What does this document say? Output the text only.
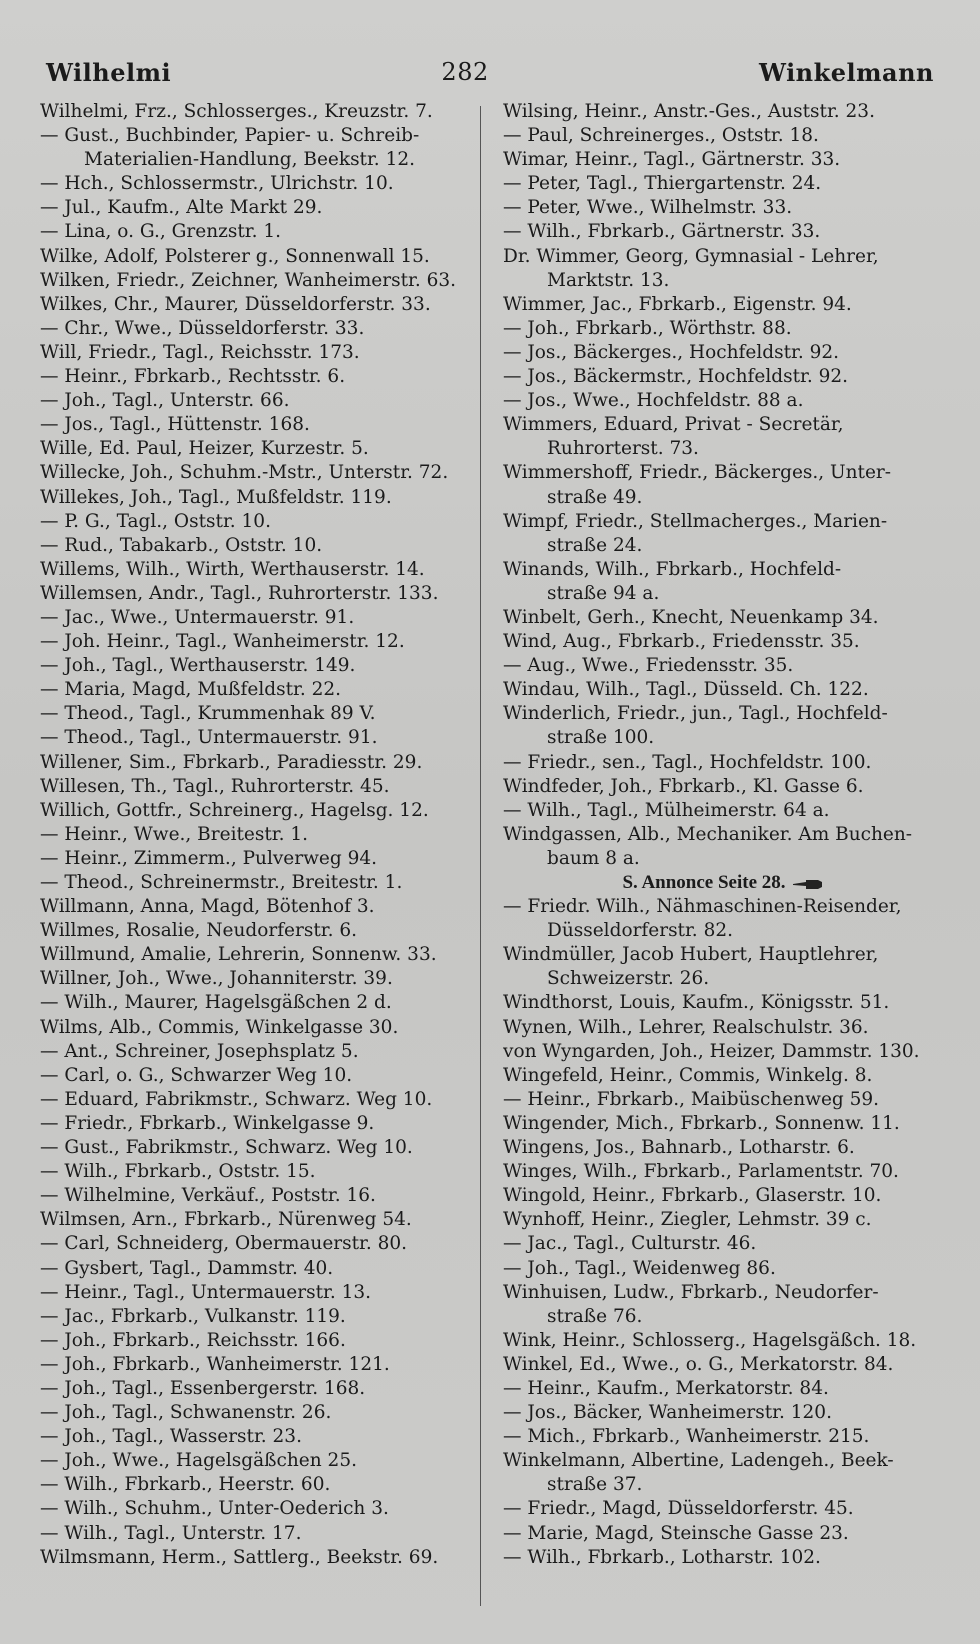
Wilhelmi	282	Winkelmann
Wilhelmi, Frz., Schlosserges., Kreuzstr. 7.
— Gust., Buchbinder, Papier- u. Schreib-
Materialien-Handlung, Beekstr. 12.
— Hch., Schlossermstr., Ulrichstr. 10.
— Jul., Kaufm., Alte Markt 29.
— Lina, o. G., Grenzstr. 1.
Wilke, Adolf, Polsterer g., Sonnenwall 15.
Wilken, Friedr., Zeichner, Wanheimerstr. 63.
Wilkes, Chr., Maurer, Düsseldorferstr. 33.
— Chr., Wwe., Düsseldorferstr. 33.
Will, Friedr., Tagl., Reichsstr. 173.
— Heinr., Fbrkarb., Rechtsstr. 6.
— Joh., Tagl., Unterstr. 66.
— Jos., Tagl., Hüttenstr. 168.
Wille, Ed. Paul, Heizer, Kurzestr. 5.
Willecke, Joh., Schuhm.-Mstr., Unterstr. 72.
Willekes, Joh., Tagl., Mußfeldstr. 119.
— P. G., Tagl., Oststr. 10.
— Rud., Tabakarb., Oststr. 10.
Willems, Wilh., Wirth, Werthauserstr. 14.
Willemsen, Andr., Tagl., Ruhrorterstr. 133.
— Jac., Wwe., Untermauerstr. 91.
— Joh. Heinr., Tagl., Wanheimerstr. 12.
— Joh., Tagl., Werthauserstr. 149.
— Maria, Magd, Mußfeldstr. 22.
— Theod., Tagl., Krummenhak 89 V.
— Theod., Tagl., Untermauerstr. 91.
Willener, Sim., Fbrkarb., Paradiesstr. 29.
Willesen, Th., Tagl., Ruhrorterstr. 45.
Willich, Gottfr., Schreinerg., Hagelsg. 12.
— Heinr., Wwe., Breitestr. 1.
— Heinr., Zimmerm., Pulverweg 94.
— Theod., Schreinermstr., Breitestr. 1.
Willmann, Anna, Magd, Bötenhof 3.
Willmes, Rosalie, Neudorferstr. 6.
Willmund, Amalie, Lehrerin, Sonnenw. 33.
Willner, Joh., Wwe., Johanniterstr. 39.
— Wilh., Maurer, Hagelsgäßchen 2 d.
Wilms, Alb., Commis, Winkelgasse 30.
— Ant., Schreiner, Josephsplatz 5.
— Carl, o. G., Schwarzer Weg 10.
— Eduard, Fabrikmstr., Schwarz. Weg 10.
— Friedr., Fbrkarb., Winkelgasse 9.
— Gust., Fabrikmstr., Schwarz. Weg 10.
— Wilh., Fbrkarb., Oststr. 15.
— Wilhelmine, Verkäuf., Poststr. 16.
Wilmsen, Arn., Fbrkarb., Nürenweg 54.
— Carl, Schneiderg, Obermauerstr. 80.
— Gysbert, Tagl., Dammstr. 40.
— Heinr., Tagl., Untermauerstr. 13.
— Jac., Fbrkarb., Vulkanstr. 119.
— Joh., Fbrkarb., Reichsstr. 166.
— Joh., Fbrkarb., Wanheimerstr. 121.
— Joh., Tagl., Essenbergerstr. 168.
— Joh., Tagl., Schwanenstr. 26.
— Joh., Tagl., Wasserstr. 23.
— Joh., Wwe., Hagelsgäßchen 25.
— Wilh., Fbrkarb., Heerstr. 60.
— Wilh., Schuhm., Unter-Oederich 3.
— Wilh., Tagl., Unterstr. 17.
Wilmsmann, Herm., Sattlerg., Beekstr. 69.
Wilsing, Heinr., Anstr.-Ges., Auststr. 23.
— Paul, Schreinerges., Oststr. 18.
Wimar, Heinr., Tagl., Gärtnerstr. 33.
— Peter, Tagl., Thiergartenstr. 24.
— Peter, Wwe., Wilhelmstr. 33.
— Wilh., Fbrkarb., Gärtnerstr. 33.
Dr. Wimmer, Georg, Gymnasial - Lehrer,
Marktstr. 13.
Wimmer, Jac., Fbrkarb., Eigenstr. 94.
— Joh., Fbrkarb., Wörthstr. 88.
— Jos., Bäckerges., Hochfeldstr. 92.
— Jos., Bäckermstr., Hochfeldstr. 92.
— Jos., Wwe., Hochfeldstr. 88 a.
Wimmers, Eduard, Privat - Secretär,
Ruhrorterst. 73.
Wimmershoff, Friedr., Bäckerges., Unter-
straße 49.
Wimpf, Friedr., Stellmacherges., Marien-
straße 24.
Winands, Wilh., Fbrkarb., Hochfeld-
straße 94 a.
Winbelt, Gerh., Knecht, Neuenkamp 34.
Wind, Aug., Fbrkarb., Friedensstr. 35.
— Aug., Wwe., Friedensstr. 35.
Windau, Wilh., Tagl., Düsseld. Ch. 122.
Winderlich, Friedr., jun., Tagl., Hochfeld-
straße 100.
— Friedr., sen., Tagl., Hochfeldstr. 100.
Windfeder, Joh., Fbrkarb., Kl. Gasse 6.
— Wilh., Tagl., Mülheimerstr. 64 a.
Windgassen, Alb., Mechaniker. Am Buchen-
baum 8 a.
S. Annonce Seite 28.
— Friedr. Wilh., Nähmaschinen-Reisender,
Düsseldorferstr. 82.
Windmüller, Jacob Hubert, Hauptlehrer,
Schweizerstr. 26.
Windthorst, Louis, Kaufm., Königsstr. 51.
Wynen, Wilh., Lehrer, Realschulstr. 36.
von Wyngarden, Joh., Heizer, Dammstr. 130.
Wingefeld, Heinr., Commis, Winkelg. 8.
— Heinr., Fbrkarb., Maibüschenweg 59.
Wingender, Mich., Fbrkarb., Sonnenw. 11.
Wingens, Jos., Bahnarb., Lotharstr. 6.
Winges, Wilh., Fbrkarb., Parlamentstr. 70.
Wingold, Heinr., Fbrkarb., Glaserstr. 10.
Wynhoff, Heinr., Ziegler, Lehmstr. 39 c.
— Jac., Tagl., Culturstr. 46.
— Joh., Tagl., Weidenweg 86.
Winhuisen, Ludw., Fbrkarb., Neudorfer-
straße 76.
Wink, Heinr., Schlosserg., Hagelsgäßch. 18.
Winkel, Ed., Wwe., o. G., Merkatorstr. 84.
— Heinr., Kaufm., Merkatorstr. 84.
— Jos., Bäcker, Wanheimerstr. 120.
— Mich., Fbrkarb., Wanheimerstr. 215.
Winkelmann, Albertine, Ladengeh., Beek-
straße 37.
— Friedr., Magd, Düsseldorferstr. 45.
— Marie, Magd, Steinsche Gasse 23.
— Wilh., Fbrkarb., Lotharstr. 102.
